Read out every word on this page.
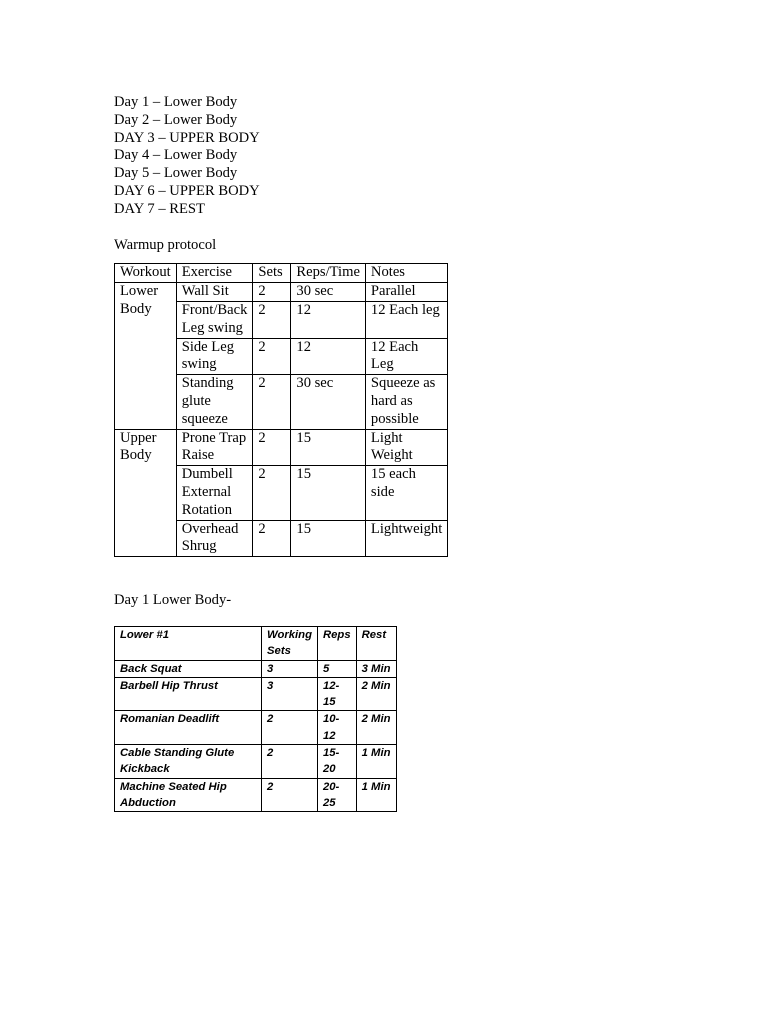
Day 1 – Lower Body
Day 2 – Lower Body
DAY 3 – UPPER BODY
Day 4 – Lower Body
Day 5 – Lower Body
DAY 6 – UPPER BODY
DAY 7 – REST
Warmup protocol
Workout	Exercise	Sets	Reps/Time	Notes
Lower Body	Wall Sit	2	30 sec	Parallel
	Front/Back Leg swing	2	12	12 Each leg
	Side Leg swing	2	12	12 Each Leg
	Standing glute squeeze	2	30 sec	Squeeze as hard as possible
Upper Body	Prone Trap Raise	2	15	Light Weight
	Dumbell External Rotation	2	15	15 each side
	Overhead Shrug	2	15	Lightweight
Day 1 Lower Body-
Lower #1	Working Sets	Reps	Rest
Back Squat	3	5	3 Min
Barbell Hip Thrust	3	12-15	2 Min
Romanian Deadlift	2	10-12	2 Min
Cable Standing Glute Kickback	2	15-20	1 Min
Machine Seated Hip Abduction	2	20-25	1 Min
